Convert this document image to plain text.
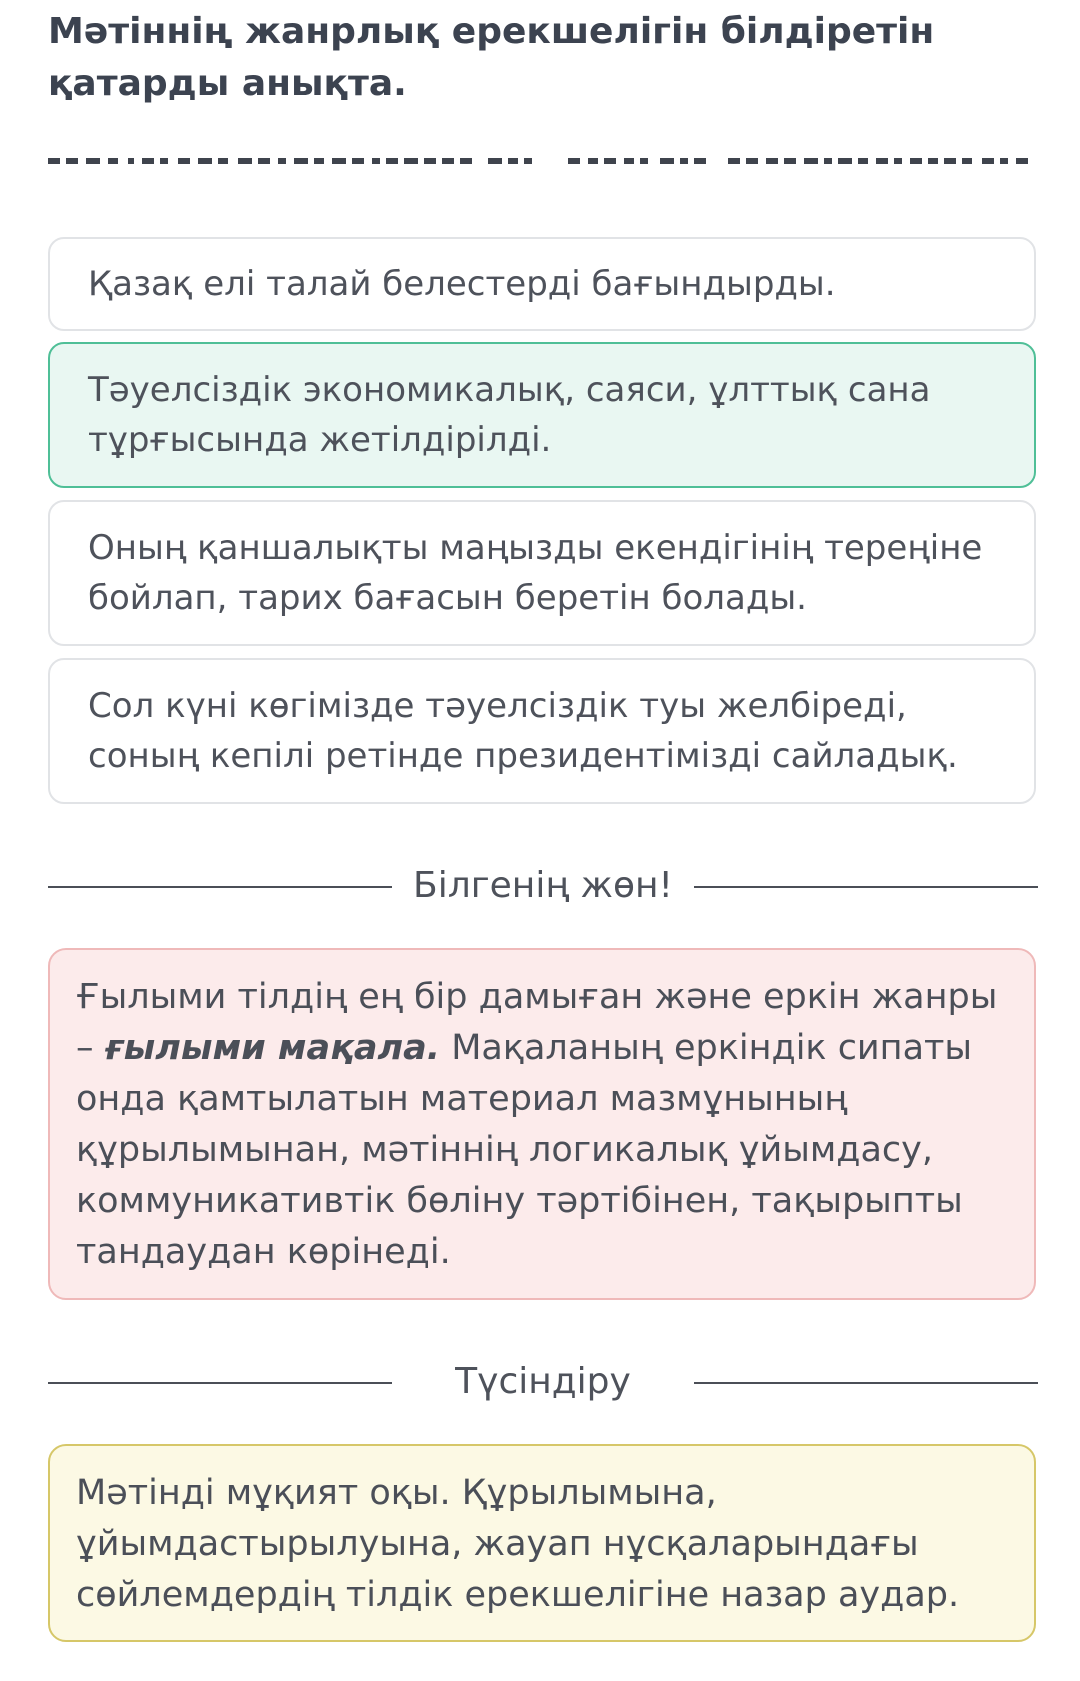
Мәтіннің жанрлық ерекшелігін білдіретін қатарды анықта.
Қазақ елі талай белестерді бағындырды.
Тәуелсіздік экономикалық, саяси, ұлттық сана тұрғысында жетілдірілді.
Оның қаншалықты маңызды екендігінің тереңіне бойлап, тарих бағасын беретін болады.
Сол күні көгімізде тәуелсіздік туы желбіреді, соның кепілі ретінде президентімізді сайладық.
Білгенің жөн!
Ғылыми тілдің ең бір дамыған және еркін жанры – ғылыми мақала. Мақаланың еркіндік сипаты онда қамтылатын материал мазмұнының құрылымынан, мәтіннің логикалық ұйымдасу, коммуникативтік бөліну тәртібінен, тақырыпты тандаудан көрінеді.
Түсіндіру
Мәтінді мұқият оқы. Құрылымына, ұйымдастырылуына, жауап нұсқаларындағы сөйлемдердің тілдік ерекшелігіне назар аудар.
